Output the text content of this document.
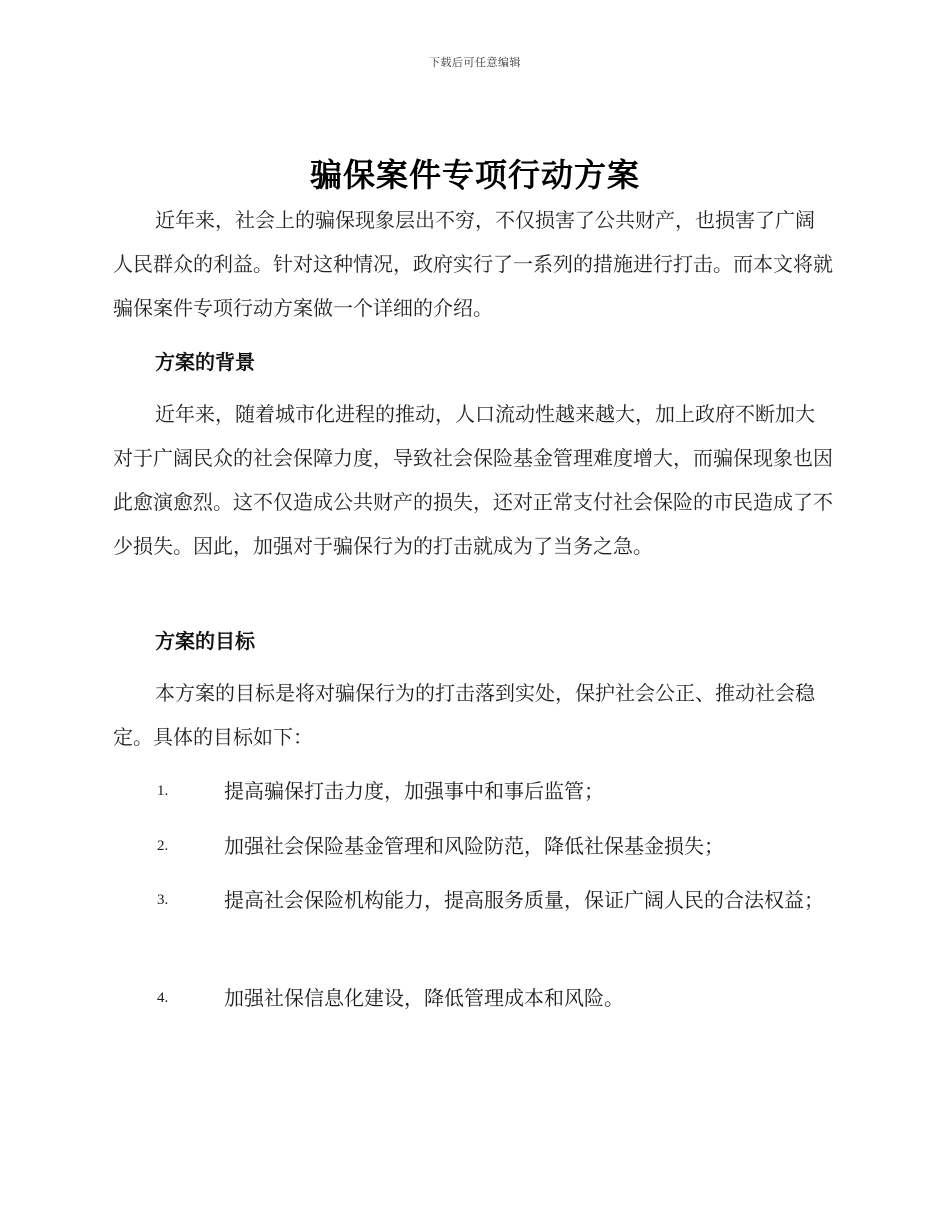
下载后可任意编辑
骗保案件专项行动方案

近年来，社会上的骗保现象层出不穷，不仅损害了公共财产，也损害了广阔人民群众的利益。针对这种情况，政府实行了一系列的措施进行打击。而本文将就骗保案件专项行动方案做一个详细的介绍。

方案的背景

近年来，随着城市化进程的推动，人口流动性越来越大，加上政府不断加大对于广阔民众的社会保障力度，导致社会保险基金管理难度增大，而骗保现象也因此愈演愈烈。这不仅造成公共财产的损失，还对正常支付社会保险的市民造成了不少损失。因此，加强对于骗保行为的打击就成为了当务之急。

方案的目标

本方案的目标是将对骗保行为的打击落到实处，保护社会公正、推动社会稳定。具体的目标如下：

1.	提高骗保打击力度，加强事中和事后监管；
2.	加强社会保险基金管理和风险防范，降低社保基金损失；
3.	提高社会保险机构能力，提高服务质量，保证广阔人民的合法权益；
4.	加强社保信息化建设，降低管理成本和风险。
